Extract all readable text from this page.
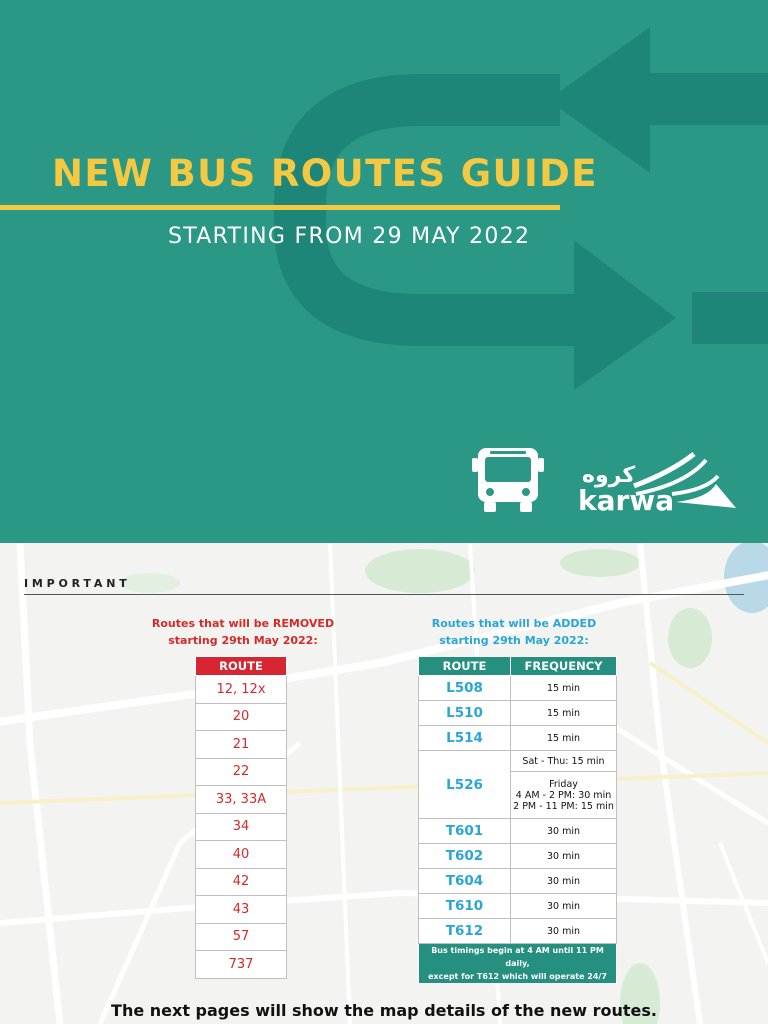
NEW BUS ROUTES GUIDE
STARTING FROM 29 MAY 2022
كروه
karwa
IMPORTANT
Routes that will be REMOVED
starting 29th May 2022:
Routes that will be ADDED
starting 29th May 2022:
ROUTE
12, 12x
20
21
22
33, 33A
34
40
42
43
57
737
ROUTE	FREQUENCY
L508	15 min
L510	15 min
L514	15 min
L526	Sat - Thu: 15 min

	Friday
4 AM - 2 PM: 30 min
2 PM - 11 PM: 15 min

T601	30 min
T602	30 min
T604	30 min
T610	30 min
T612	30 min

Bus timings begin at 4 AM until 11 PM daily,
except for T612 which will operate 24/7	
The next pages will show the map details of the new routes.
